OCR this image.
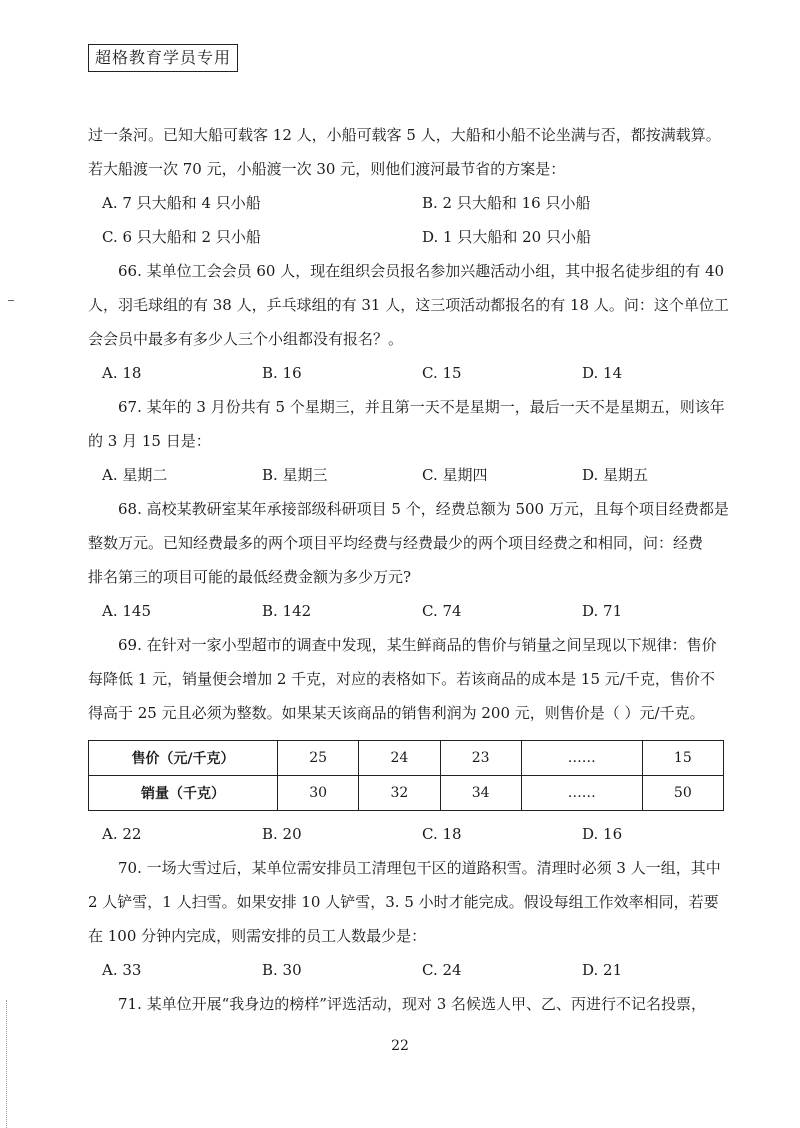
超格教育学员专用
过一条河。已知大船可载客 12 人，小船可载客 5 人，大船和小船不论坐满与否，都按满载算。
若大船渡一次 70 元，小船渡一次 30 元，则他们渡河最节省的方案是：
A. 7 只大船和 4 只小船	B. 2 只大船和 16 只小船
C. 6 只大船和 2 只小船	D. 1 只大船和 20 只小船
66. 某单位工会会员 60 人，现在组织会员报名参加兴趣活动小组，其中报名徒步组的有 40
人，羽毛球组的有 38 人，乒乓球组的有 31 人，这三项活动都报名的有 18 人。问：这个单位工
会会员中最多有多少人三个小组都没有报名？。
A. 18	B. 16	C. 15	D. 14
67. 某年的 3 月份共有 5 个星期三，并且第一天不是星期一，最后一天不是星期五，则该年
的 3 月 15 日是：
A. 星期二	B. 星期三	C. 星期四	D. 星期五
68. 高校某教研室某年承接部级科研项目 5 个，经费总额为 500 万元，且每个项目经费都是
整数万元。已知经费最多的两个项目平均经费与经费最少的两个项目经费之和相同，问：经费
排名第三的项目可能的最低经费金额为多少万元?
A. 145	B. 142	C. 74	D. 71
69. 在针对一家小型超市的调查中发现，某生鲜商品的售价与销量之间呈现以下规律：售价
每降低 1 元，销量便会增加 2 千克，对应的表格如下。若该商品的成本是 15 元/千克，售价不
得高于 25 元且必须为整数。如果某天该商品的销售利润为 200 元，则售价是（ ）元/千克。
售价（元/千克）	25	24	23	……	15
销量（千克）	30	32	34	……	50
A. 22	B. 20	C. 18	D. 16
70. 一场大雪过后，某单位需安排员工清理包干区的道路积雪。清理时必须 3 人一组，其中
2 人铲雪，1 人扫雪。如果安排 10 人铲雪，3. 5 小时才能完成。假设每组工作效率相同，若要
在 100 分钟内完成，则需安排的员工人数最少是：
A. 33	B. 30	C. 24	D. 21
71. 某单位开展“我身边的榜样”评选活动，现对 3 名候选人甲、乙、丙进行不记名投票，
22
